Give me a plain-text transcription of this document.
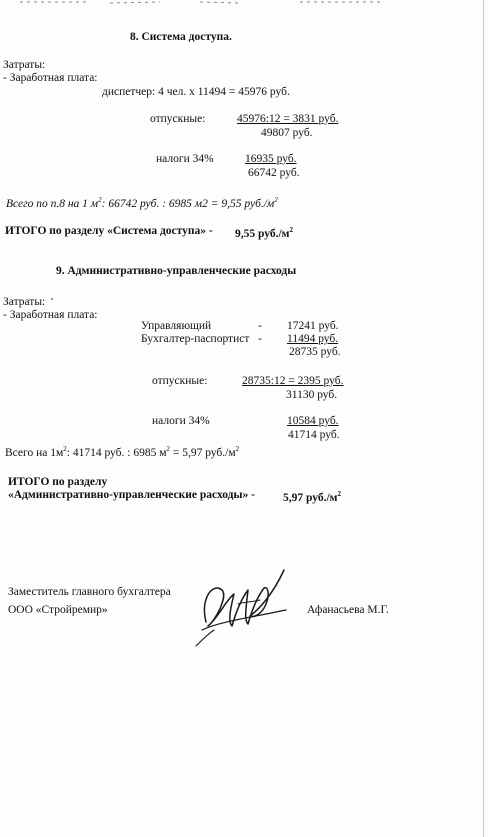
8. Система доступа.
Затраты:
- Заработная плата:
диспетчер: 4 чел. x 11494 = 45976 руб.
отпускные:	45976:12 = 3831 руб.
49807 руб.
налоги 34%	16935 руб.
66742 руб.
Всего по п.8 на 1 $м^2$: 66742 руб. : 6985 м2 = 9,55 $руб./м^2$
ИТОГО по разделу «Система доступа» - 9,55 $руб./м^2$
9. Административно-управленческие расходы
Затраты:
- Заработная плата:
Управляющий	- 17241 руб.
Бухгалтер-паспортист - 11494 руб.
28735 руб.
отпускные:	28735:12 = 2395 руб.
31130 руб.
налоги 34%	10584 руб.
41714 руб.
Всего на $1м^2$: 41714 руб. : 6985 $м^2 = 5,97$ $руб./м^2$
ИТОГО по разделу
«Административно-управленческие расходы» - 5,97 $руб./м^2$
Заместитель главного бухгалтера
ООО «Стройремир»	Афанасьева М.Г.
